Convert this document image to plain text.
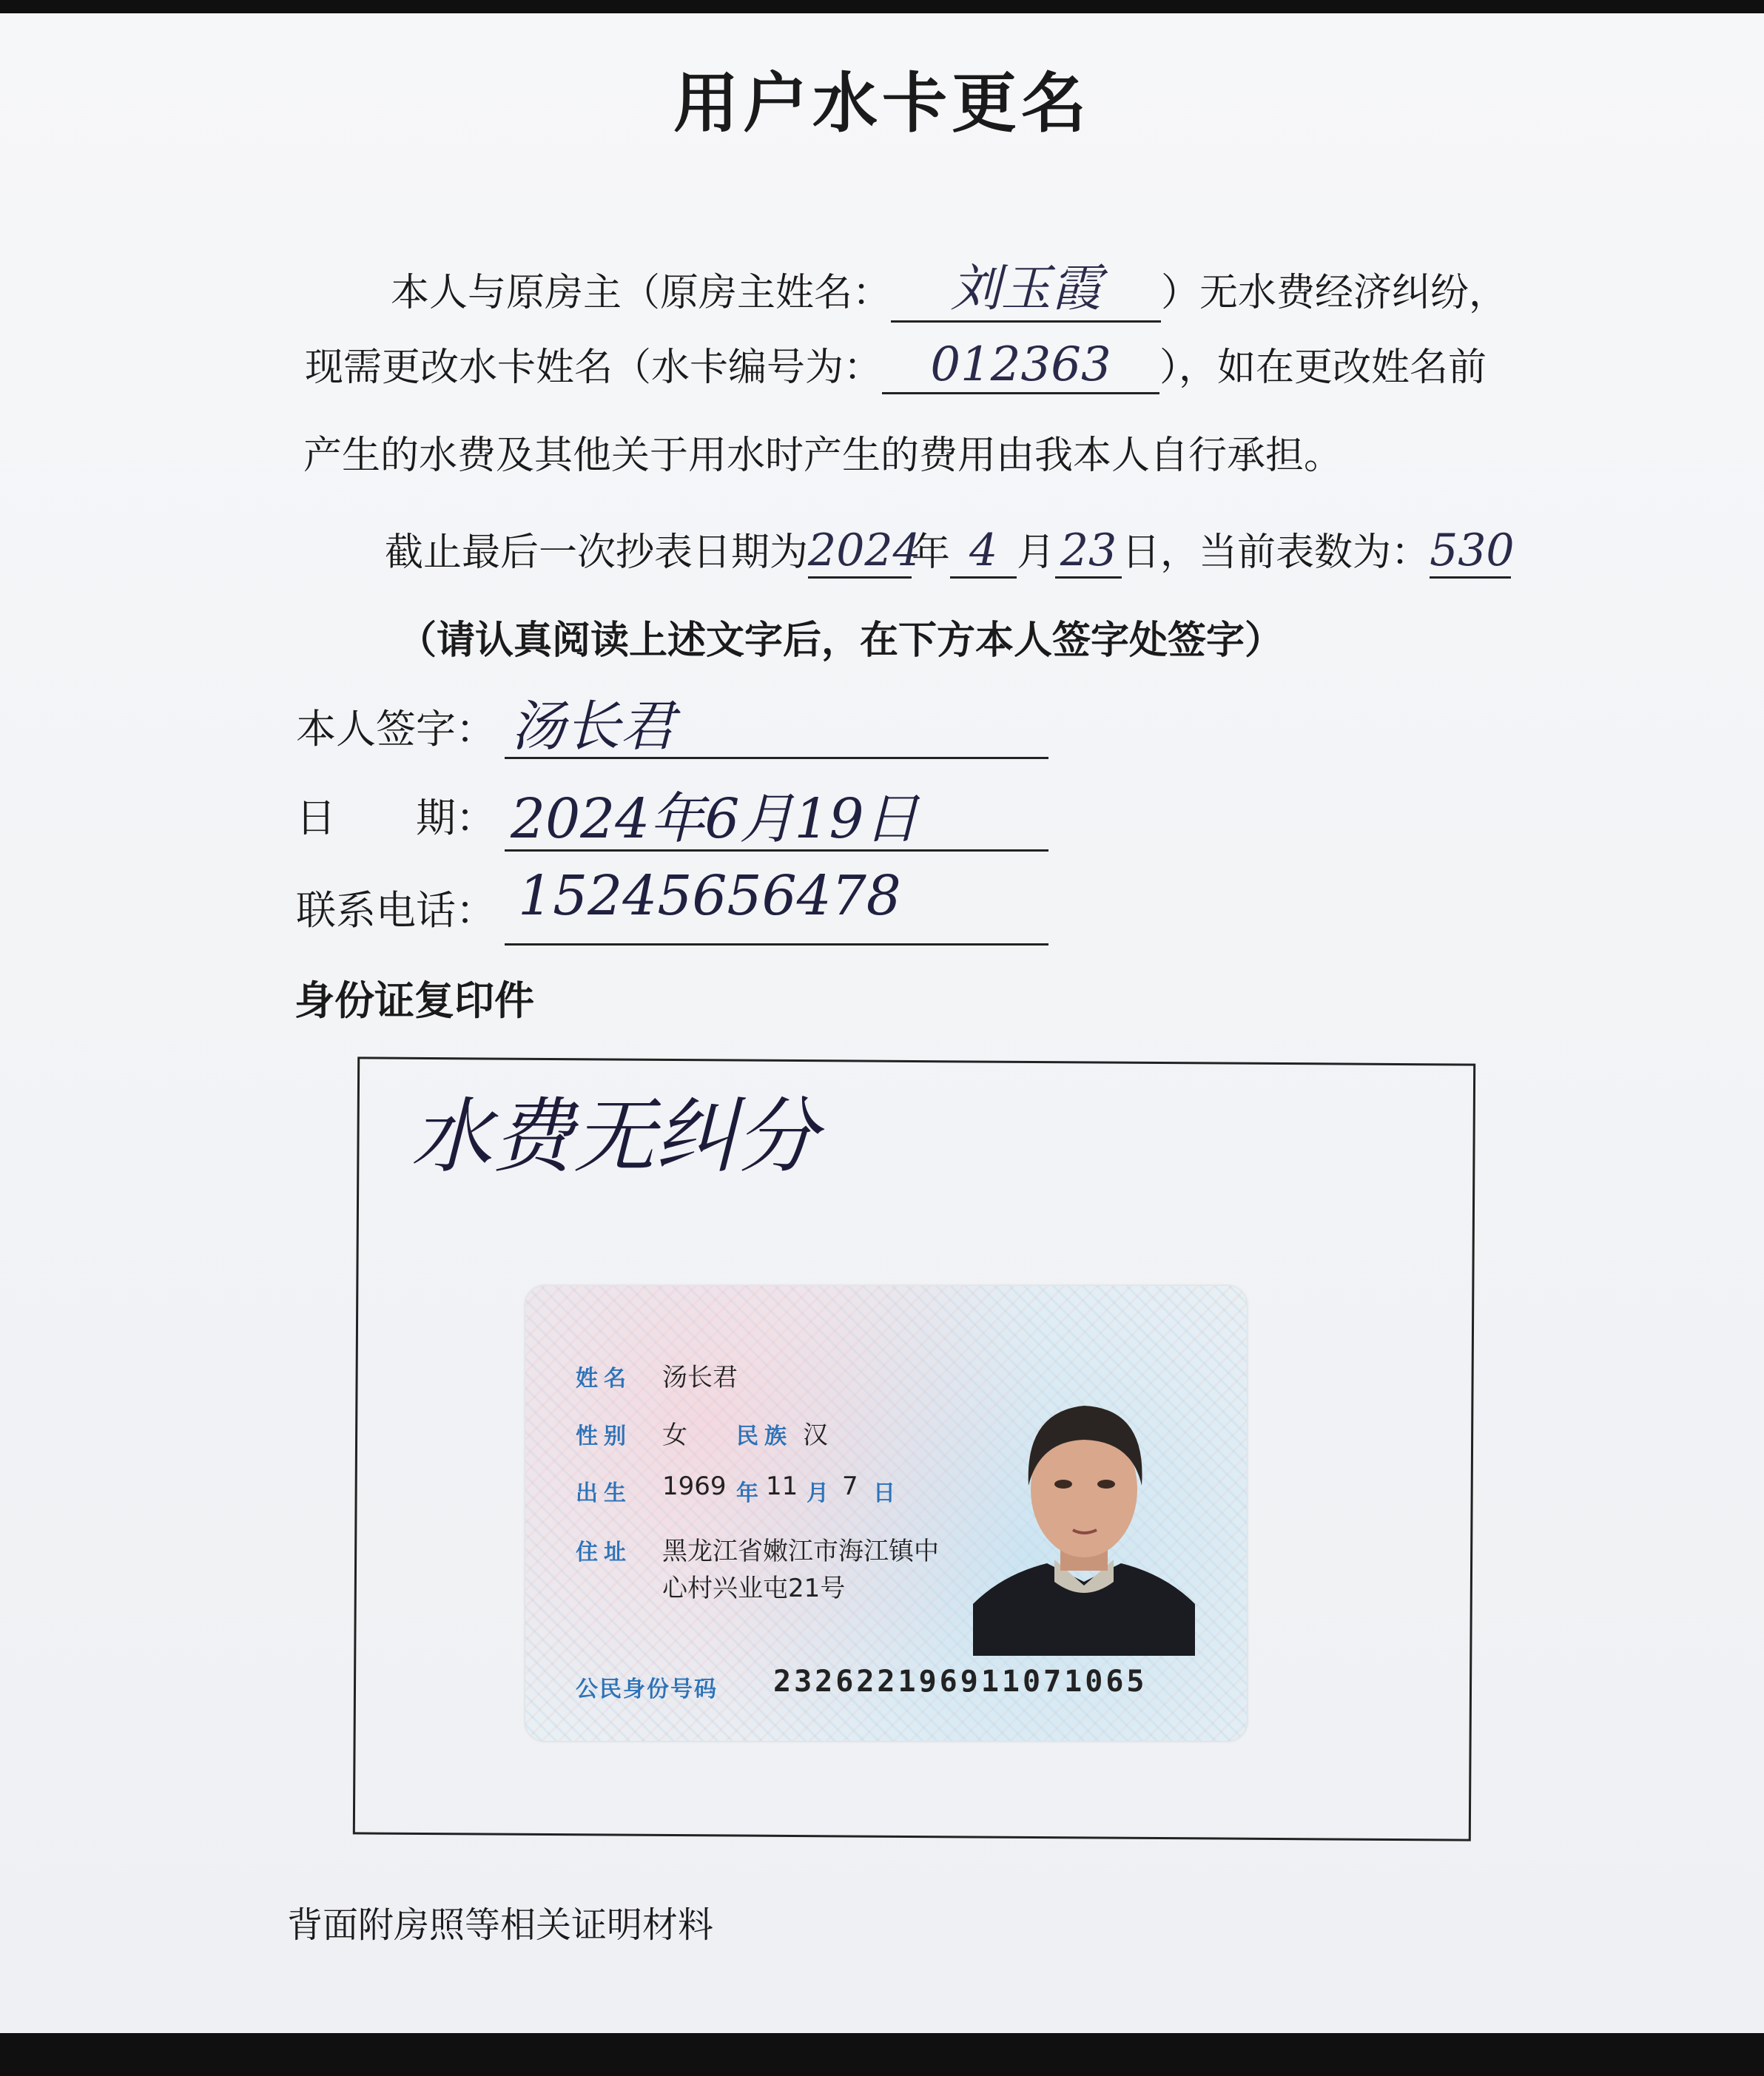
用户水卡更名
本人与原房主（原房主姓名： 刘玉霞 ）无水费经济纠纷，
现需更改水卡姓名（水卡编号为： 012363 ），如在更改姓名前
产生的水费及其他关于用水时产生的费用由我本人自行承担。
截止最后一次抄表日期为2024年 4 月 23 日，当前表数为：530
（请认真阅读上述文字后，在下方本人签字处签字）
本人签字： 汤长君
日　　期： 2024年6月19日
联系电话： 15245656478
身份证复印件
水费无纠分
姓名 汤长君
性别 女 民族 汉
出生 1969 年 11 月 7 日
住址 黑龙江省嫩江市海江镇中
心村兴业屯21号
公民身份号码 232622196911071065
背面附房照等相关证明材料
